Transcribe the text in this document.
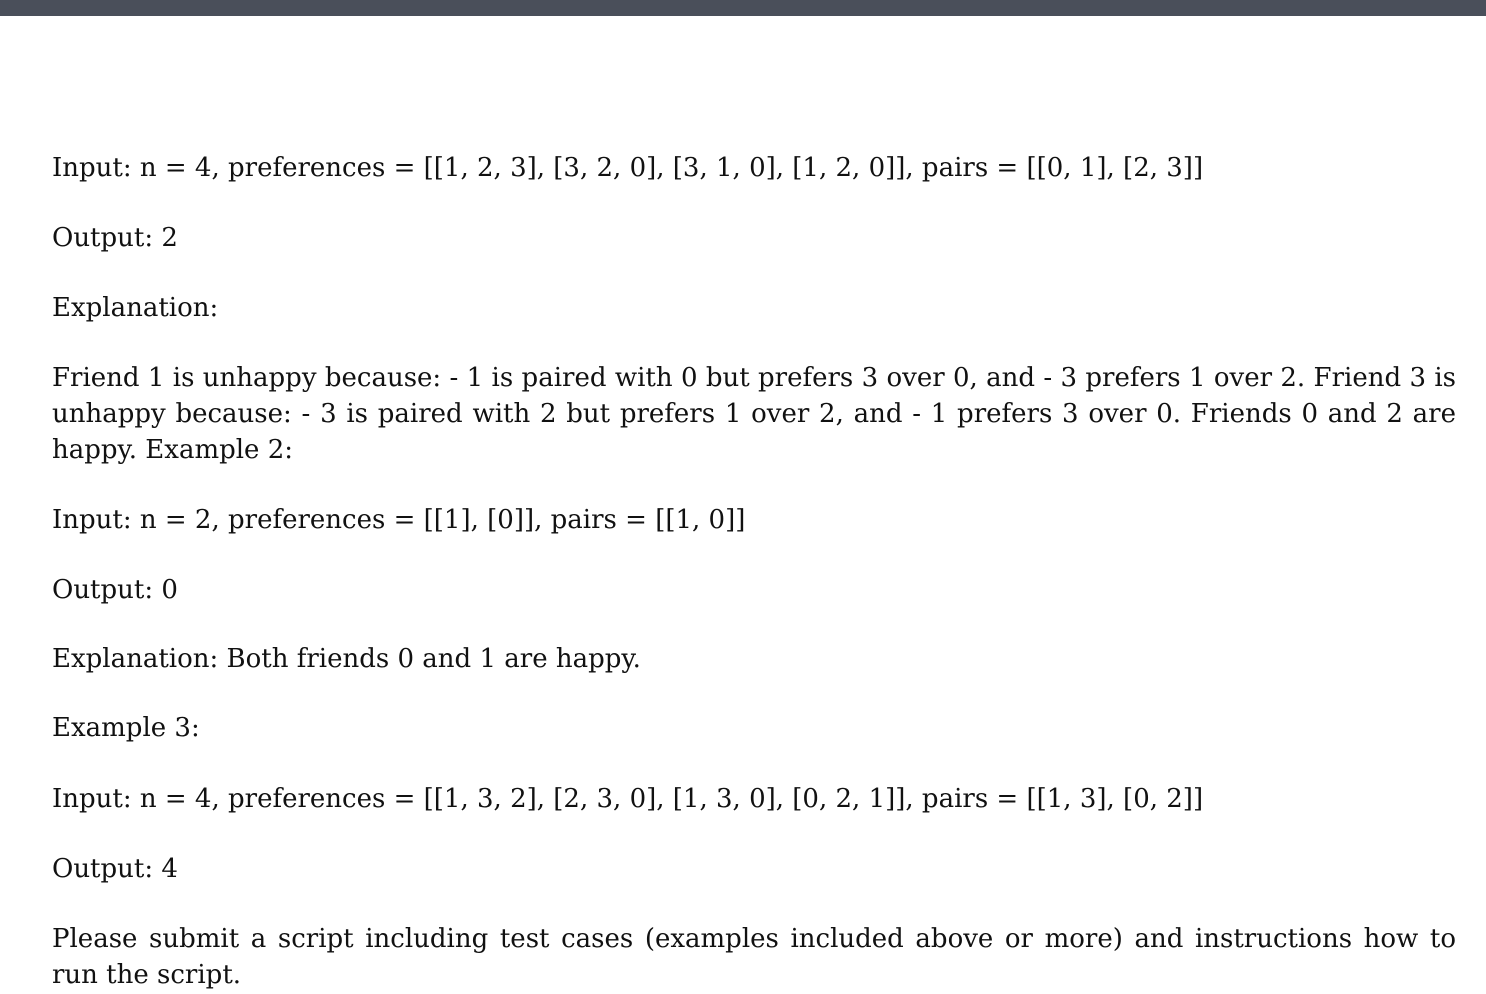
Input: n = 4, preferences = [[1, 2, 3], [3, 2, 0], [3, 1, 0], [1, 2, 0]], pairs = [[0, 1], [2, 3]]
Output: 2
Explanation:
Friend 1 is unhappy because: - 1 is paired with 0 but prefers 3 over 0, and - 3 prefers 1 over 2. Friend 3 is unhappy because: - 3 is paired with 2 but prefers 1 over 2, and - 1 prefers 3 over 0. Friends 0 and 2 are happy. Example 2:
Input: n = 2, preferences = [[1], [0]], pairs = [[1, 0]]
Output: 0
Explanation: Both friends 0 and 1 are happy.
Example 3:
Input: n = 4, preferences = [[1, 3, 2], [2, 3, 0], [1, 3, 0], [0, 2, 1]], pairs = [[1, 3], [0, 2]]
Output: 4
Please submit a script including test cases (examples included above or more) and instructions how to run the script.
